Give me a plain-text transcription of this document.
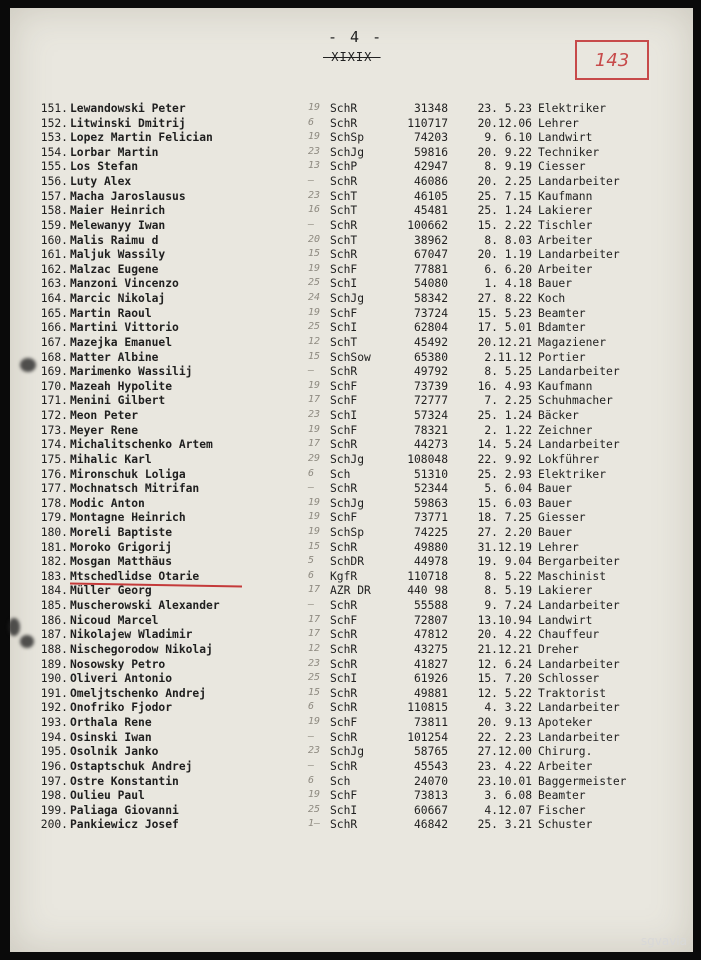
- 4 -
-XIXIX-	143
151. Lewandowski Peter	19 SchR	31348	23. 5.23 Elektriker
152. Litwinski Dmitrij	6 SchR	110717	20.12.06 Lehrer
153. Lopez Martin Felician	19 SchSp	74203	9. 6.10 Landwirt
154. Lorbar Martin	23 SchJg	59816	20. 9.22 Techniker
155. Los Stefan	13 SchP	42947	8. 9.19 Ciesser
156. Luty Alex	– SchR	46086	20. 2.25 Landarbeiter
157. Macha Jaroslausus	23 SchT	46105	25. 7.15 Kaufmann
158. Maier Heinrich	16 SchT	45481	25. 1.24 Lakierer
159. Melewanyy Iwan	– SchR	100662	15. 2.22 Tischler
160. Malis Raimu d	20 SchT	38962	8. 8.03 Arbeiter
161. Maljuk Wassily	15 SchR	67047	20. 1.19 Landarbeiter
162. Malzac Eugene	19 SchF	77881	6. 6.20 Arbeiter
163. Manzoni Vincenzo	25 SchI	54080	1. 4.18 Bauer
164. Marcic Nikolaj	24 SchJg	58342	27. 8.22 Koch
165. Martin Raoul	19 SchF	73724	15. 5.23 Beamter
166. Martini Vittorio	25 SchI	62804	17. 5.01 Bdamter
167. Mazejka Emanuel	12 SchT	45492	20.12.21 Magaziener
168. Matter Albine	15 SchSow	65380	2.11.12 Portier
169. Marimenko Wassilij	– SchR	49792	8. 5.25 Landarbeiter
170. Mazeah Hypolite	19 SchF	73739	16. 4.93 Kaufmann
171. Menini Gilbert	17 SchF	72777	7. 2.25 Schuhmacher
172. Meon Peter	23 SchI	57324	25. 1.24 Bäcker
173. Meyer Rene	19 SchF	78321	2. 1.22 Zeichner
174. Michalitschenko Artem	17 SchR	44273	14. 5.24 Landarbeiter
175. Mihalic Karl	29 SchJg	108048	22. 9.92 Lokführer
176. Mironschuk Loliga	6 Sch	51310	25. 2.93 Elektriker
177. Mochnatsch Mitrifan	– SchR	52344	5. 6.04 Bauer
178. Modic Anton	19 SchJg	59863	15. 6.03 Bauer
179. Montagne Heinrich	19 SchF	73771	18. 7.25 Giesser
180. Moreli Baptiste	19 SchSp	74225	27. 2.20 Bauer
181. Moroko Grigorij	15 SchR	49880	31.12.19 Lehrer
182. Mosgan Matthäus	5 SchDR	44978	19. 9.04 Bergarbeiter
183. Mtschedlidse Otarie	6 KgfR	110718	8. 5.22 Maschinist
184. Müller Georg	17 AZR DR	440 98	8. 5.19 Lakierer
185. Muscherowski Alexander	– SchR	55588	9. 7.24 Landarbeiter
186. Nicoud Marcel	17 SchF	72807	13.10.94 Landwirt
187. Nikolajew Wladimir	17 SchR	47812	20. 4.22 Chauffeur
188. Nischegorodow Nikolaj	12 SchR	43275	21.12.21 Dreher
189. Nosowsky Petro	23 SchR	41827	12. 6.24 Landarbeiter
190. Oliveri Antonio	25 SchI	61926	15. 7.20 Schlosser
191. Omeljtschenko Andrej	15 SchR	49881	12. 5.22 Traktorist
192. Onofriko Fjodor	6 SchR	110815	4. 3.22 Landarbeiter
193. Orthala Rene	19 SchF	73811	20. 9.13 Apoteker
194. Osinski Iwan	– SchR	101254	22. 2.23 Landarbeiter
195. Osolnik Janko	23 SchJg	58765	27.12.00 Chirurg.
196. Ostaptschuk Andrej	– SchR	45543	23. 4.22 Arbeiter
197. Ostre Konstantin	6 Sch	24070	23.10.01 Baggermeister
198. Oulieu Paul	19 SchF	73813	3. 6.08 Beamter
199. Paliaga Giovanni	25 SchI	60667	4.12.07 Fischer
200. Pankiewicz Josef	1– SchR	46842	25. 3.21 Schuster
sgvavia
